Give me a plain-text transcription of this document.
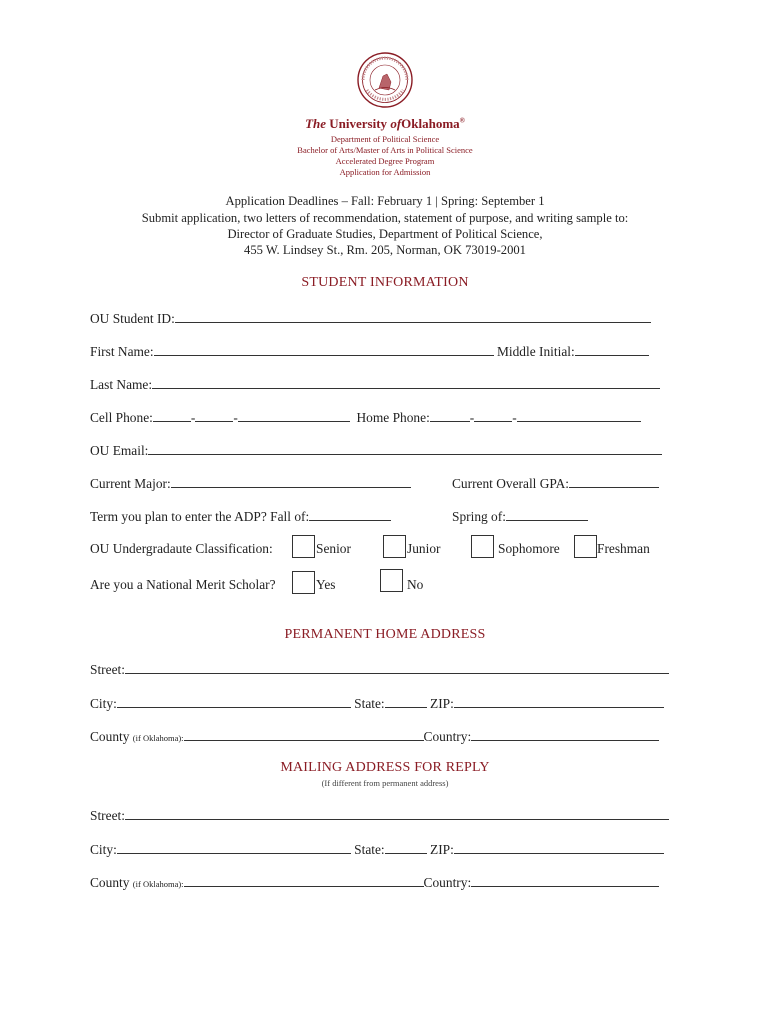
The University ofOklahoma®
Department of Political Science
Bachelor of Arts/Master of Arts in Political Science
Accelerated Degree Program
Application for Admission
Application Deadlines – Fall: February 1 | Spring: September 1
Submit application, two letters of recommendation, statement of purpose, and writing sample to:
Director of Graduate Studies, Department of Political Science,
455 W. Lindsey St., Rm. 205, Norman, OK 73019-2001
STUDENT INFORMATION
OU Student ID:
First Name:	Middle Initial:
Last Name:
Cell Phone:	-	-	Home Phone:	-	-
OU Email:
Current Major:	Current Overall GPA:
Term you plan to enter the ADP? Fall of:	Spring of:
OU Undergradaute Classification:	Senior	Junior	Sophomore	Freshman
Are you a National Merit Scholar?	Yes	No
PERMANENT HOME ADDRESS
Street:
City:	State:	ZIP:
County (if Oklahoma):	Country:
MAILING ADDRESS FOR REPLY
(If different from permanent address)
Street:
City:	State:	ZIP:
County (if Oklahoma):	Country:
